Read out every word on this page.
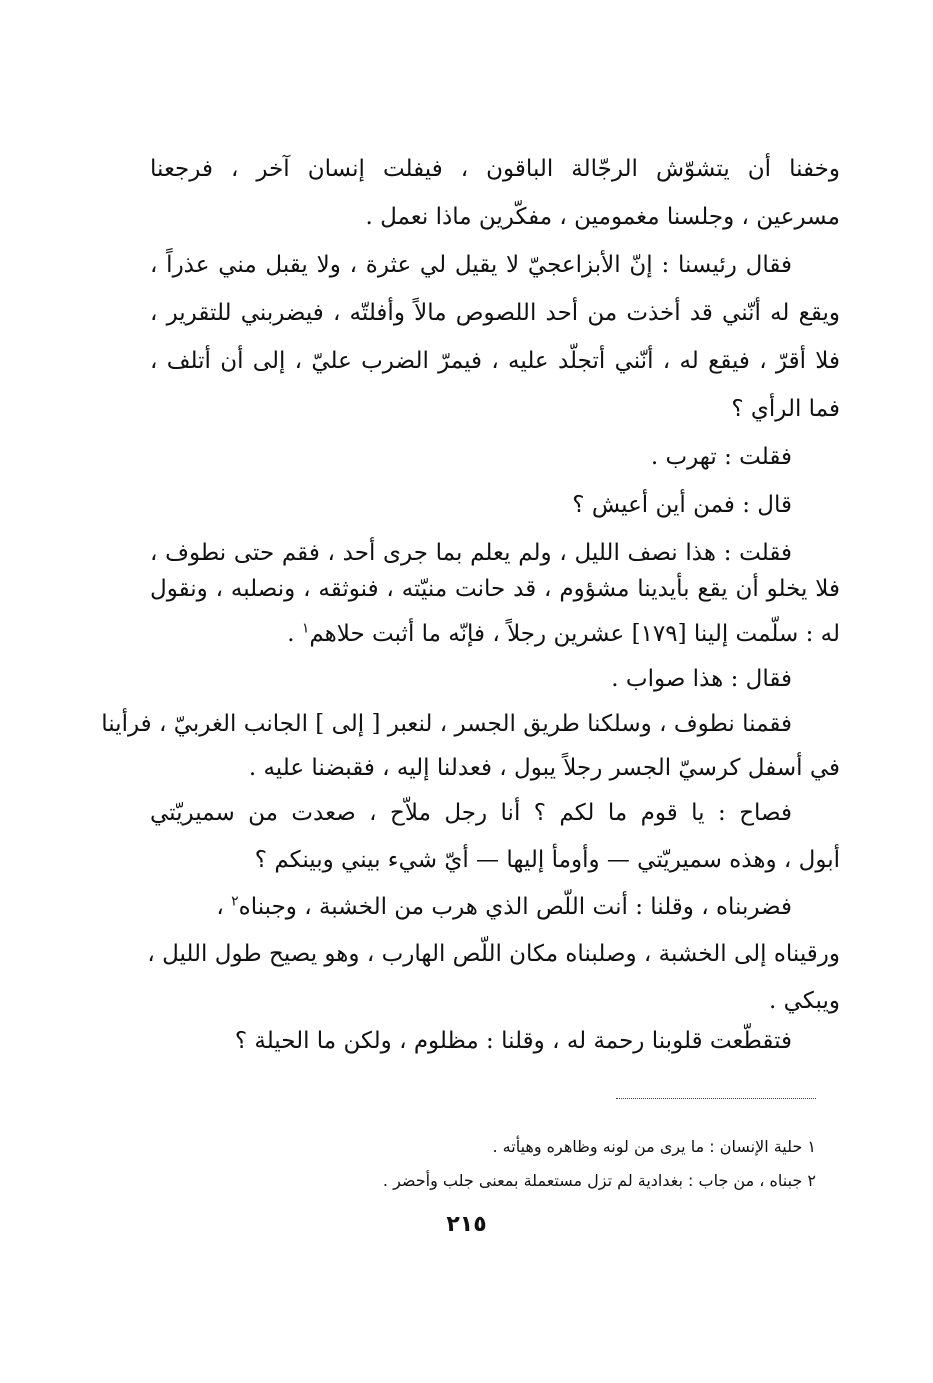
وخفنا أن يتشوّش الرجّالة الباقون ، فيفلت إنسان آخر ، فرجعنا
مسرعين ، وجلسنا مغمومين ، مفكّرين ماذا نعمل .
فقال رئيسنا : إنّ الأبزاعجيّ لا يقيل لي عثرة ، ولا يقبل مني عذراً ،
ويقع له أنّني قد أخذت من أحد اللصوص مالاً وأفلتّه ، فيضربني للتقرير ،
فلا أقرّ ، فيقع له ، أنّني أتجلّد عليه ، فيمرّ الضرب عليّ ، إلى أن أتلف ،
فما الرأي ؟
فقلت : تهرب .
قال : فمن أين أعيش ؟
فقلت : هذا نصف الليل ، ولم يعلم بما جرى أحد ، فقم حتى نطوف ،
فلا يخلو أن يقع بأيدينا مشؤوم ، قد حانت منيّته ، فنوثقه ، ونصلبه ، ونقول
له : سلّمت إلينا [١٧٩] عشرين رجلاً ، فإنّه ما أثبت حلاهم$^١$ .
فقال : هذا صواب .
فقمنا نطوف ، وسلكنا طريق الجسر ، لنعبر [ إلى ] الجانب الغربيّ ، فرأينا
في أسفل كرسيّ الجسر رجلاً يبول ، فعدلنا إليه ، فقبضنا عليه .
فصاح : يا قوم ما لكم ؟ أنا رجل ملاّح ، صعدت من سميريّتي
أبول ، وهذه سميريّتي — وأومأ إليها — أيّ شيء بيني وبينكم ؟
فضربناه ، وقلنا : أنت اللّص الذي هرب من الخشبة ، وجبناه$^٢$ ،
ورقيناه إلى الخشبة ، وصلبناه مكان اللّص الهارب ، وهو يصيح طول الليل ،
ويبكي .
فتقطّعت قلوبنا رحمة له ، وقلنا : مظلوم ، ولكن ما الحيلة ؟
١ حلية الإنسان : ما يرى من لونه وظاهره وهيأته .
٢ جبناه ، من جاب : بغدادية لم تزل مستعملة بمعنى جلب وأحضر .
٢١٥
